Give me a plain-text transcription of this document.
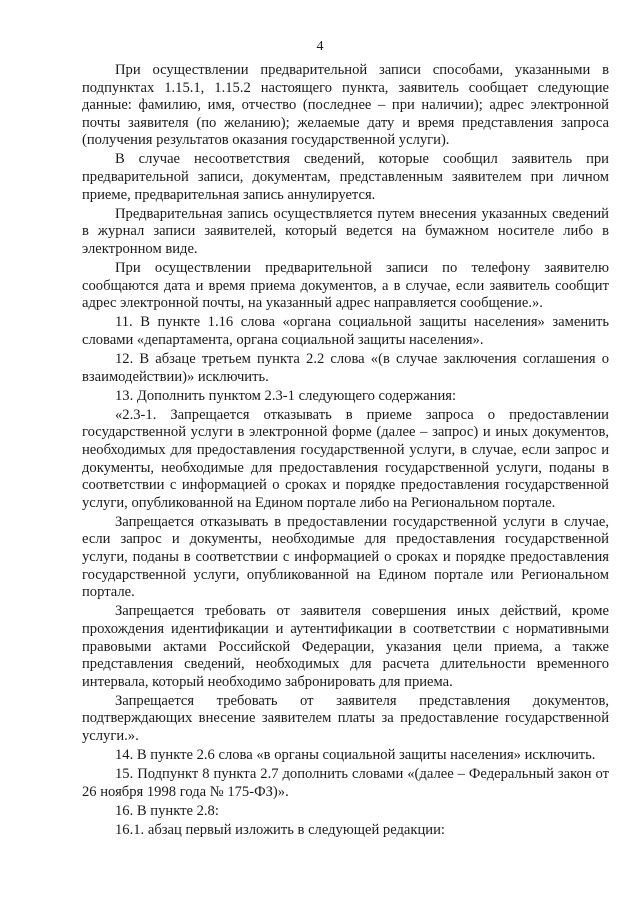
4

При осуществлении предварительной записи способами, указанными в подпунктах 1.15.1, 1.15.2 настоящего пункта, заявитель сообщает следующие данные: фамилию, имя, отчество (последнее – при наличии); адрес электронной почты заявителя (по желанию); желаемые дату и время представления запроса (получения результатов оказания государственной услуги).

В случае несоответствия сведений, которые сообщил заявитель при предварительной записи, документам, представленным заявителем при личном приеме, предварительная запись аннулируется.

Предварительная запись осуществляется путем внесения указанных сведений в журнал записи заявителей, который ведется на бумажном носителе либо в электронном виде.

При осуществлении предварительной записи по телефону заявителю сообщаются дата и время приема документов, а в случае, если заявитель сообщит адрес электронной почты, на указанный адрес направляется сообщение.».

11. В пункте 1.16 слова «органа социальной защиты населения» заменить словами «департамента, органа социальной защиты населения».

12. В абзаце третьем пункта 2.2 слова «(в случае заключения соглашения о взаимодействии)» исключить.

13. Дополнить пунктом 2.3-1 следующего содержания:

«2.3-1. Запрещается отказывать в приеме запроса о предоставлении государственной услуги в электронной форме (далее – запрос) и иных документов, необходимых для предоставления государственной услуги, в случае, если запрос и документы, необходимые для предоставления государственной услуги, поданы в соответствии с информацией о сроках и порядке предоставления государственной услуги, опубликованной на Едином портале либо на Региональном портале.

Запрещается отказывать в предоставлении государственной услуги в случае, если запрос и документы, необходимые для предоставления государственной услуги, поданы в соответствии с информацией о сроках и порядке предоставления государственной услуги, опубликованной на Едином портале или Региональном портале.

Запрещается требовать от заявителя совершения иных действий, кроме прохождения идентификации и аутентификации в соответствии с нормативными правовыми актами Российской Федерации, указания цели приема, а также представления сведений, необходимых для расчета длительности временного интервала, который необходимо забронировать для приема.

Запрещается требовать от заявителя представления документов, подтверждающих внесение заявителем платы за предоставление государственной услуги.».

14. В пункте 2.6 слова «в органы социальной защиты населения» исключить.

15. Подпункт 8 пункта 2.7 дополнить словами «(далее – Федеральный закон от 26 ноября 1998 года № 175-ФЗ)».

16. В пункте 2.8:

16.1. абзац первый изложить в следующей редакции:
